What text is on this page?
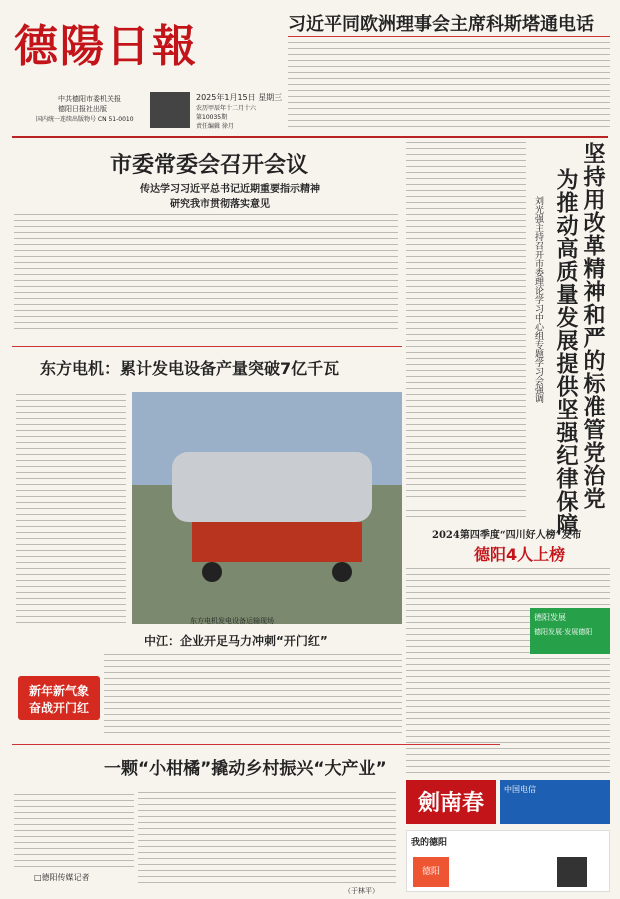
德陽日報
中共德阳市委机关报
德阳日报社出版
国内统一连续出版物号 CN 51-0010
2025年1月15日 星期三
农历甲辰年十二月十六
第10035期
责任编辑 徐月
习近平同欧洲理事会主席科斯塔通电话
市委常委会召开会议
传达学习习近平总书记近期重要指示精神
研究我市贯彻落实意见	坚持用改革精神和严的标准管党治党
为推动高质量发展提供坚强纪律保障
刘光强主持召开市委理论学习中心组专题学习会强调
东方电机：累计发电设备产量突破7亿千瓦
东方电机发电设备运输现场
2024第四季度“四川好人榜”发布
德阳4人上榜
中江：企业开足马力冲刺“开门红”
新年新气象
奋战开门红
德阳发展
德阳发展·发展德阳
一颗“小柑橘”撬动乡村振兴“大产业”
□德阳传媒记者
（于林平）
劍南春
中国电信
我的德阳
德阳
